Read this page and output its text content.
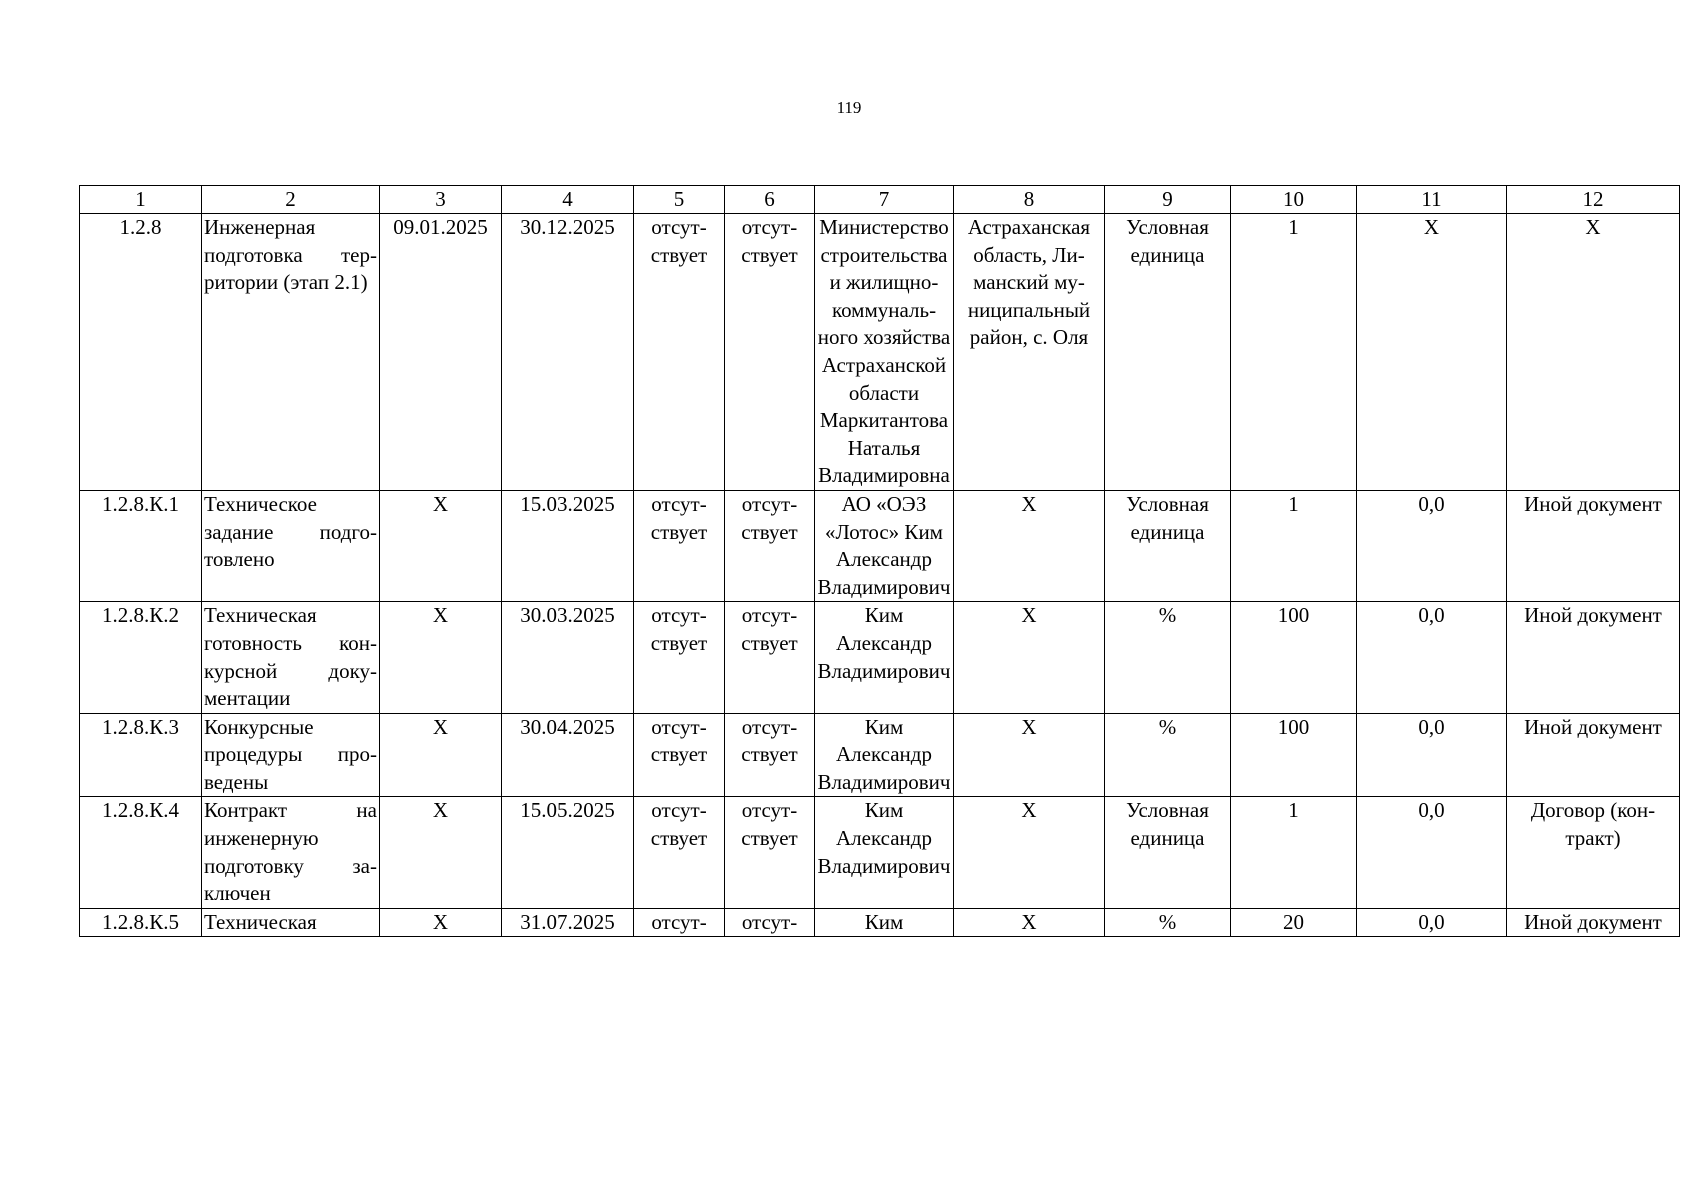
119
1	2	3	4	5	6	7	8	9	10	11	12
1.2.8	Инженерная подготовка территории (этап 2.1)	09.01.2025	30.12.2025	отсутствует	отсутствует	Министерство строительства и жилищно-коммунального хозяйства Астраханской области Маркитантова Наталья Владимировна	Астраханская область, Лиманский муниципальный район, с. Оля	Условная единица	1	X	X
1.2.8.К.1	Техническое задание подготовлено	X	15.03.2025	отсутствует	отсутствует	АО «ОЭЗ «Лотос» Ким Александр Владимирович	X	Условная единица	1	0,0	Иной документ
1.2.8.К.2	Техническая готовность конкурсной документации	X	30.03.2025	отсутствует	отсутствует	Ким Александр Владимирович	X	%	100	0,0	Иной документ
1.2.8.К.3	Конкурсные процедуры проведены	X	30.04.2025	отсутствует	отсутствует	Ким Александр Владимирович	X	%	100	0,0	Иной документ
1.2.8.К.4	Контракт на инженерную подготовку заключен	X	15.05.2025	отсутствует	отсутствует	Ким Александр Владимирович	X	Условная единица	1	0,0	Договор (контракт)
1.2.8.К.5	Техническая	X	31.07.2025	отсут-	отсут-	Ким	X	%	20	0,0	Иной документ
